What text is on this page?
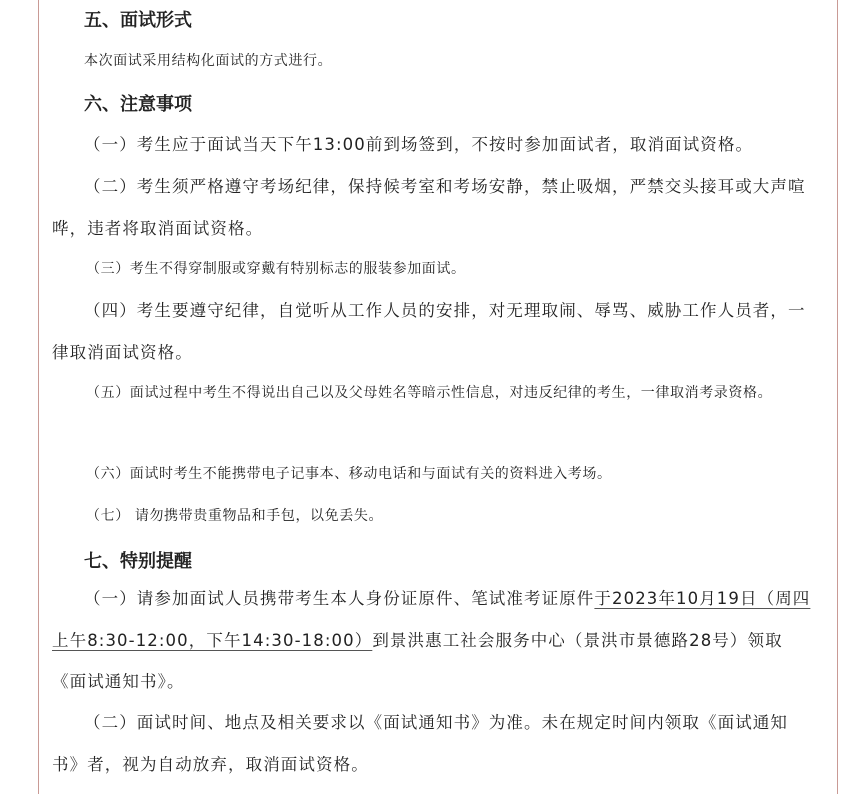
五、面试形式

本次面试采用结构化面试的方式进行。

六、注意事项

（一）考生应于面试当天下午13:00前到场签到，不按时参加面试者，取消面试资格。

（二）考生须严格遵守考场纪律，保持候考室和考场安静，禁止吸烟，严禁交头接耳或大声喧哗，违者将取消面试资格。

（三）考生不得穿制服或穿戴有特别标志的服装参加面试。

（四）考生要遵守纪律，自觉听从工作人员的安排，对无理取闹、辱骂、威胁工作人员者，一律取消面试资格。

（五）面试过程中考生不得说出自己以及父母姓名等暗示性信息，对违反纪律的考生，一律取消考录资格。

（六）面试时考生不能携带电子记事本、移动电话和与面试有关的资料进入考场。

（七） 请勿携带贵重物品和手包，以免丢失。

七、特别提醒

（一）请参加面试人员携带考生本人身份证原件、笔试准考证原件于2023年10月19日（周四上午8:30-12:00，下午14:30-18:00）到景洪惠工社会服务中心（景洪市景德路28号）领取《面试通知书》。

（二）面试时间、地点及相关要求以《面试通知书》为准。未在规定时间内领取《面试通知书》者，视为自动放弃，取消面试资格。
